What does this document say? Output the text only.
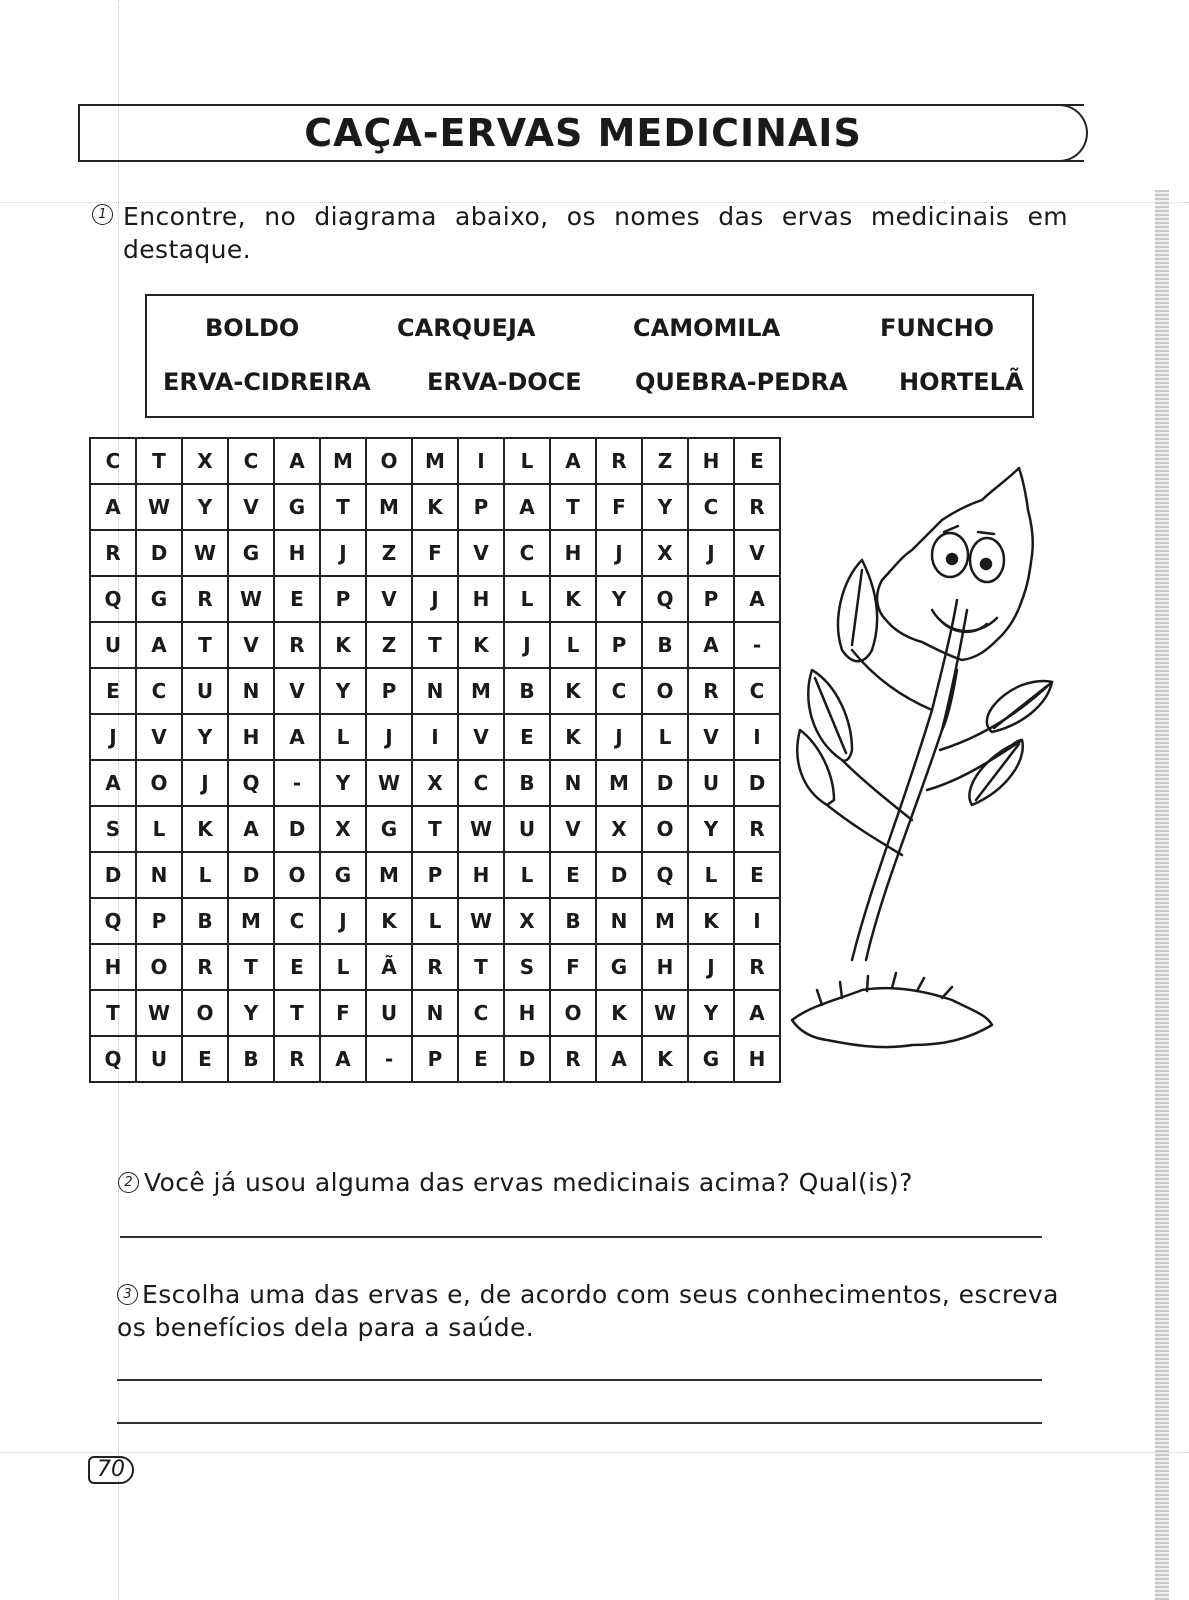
CAÇA-ERVAS MEDICINAIS
1 Encontre, no diagrama abaixo, os nomes das ervas medicinais em destaque.
BOLDO	CARQUEJA	CAMOMILA	FUNCHO
ERVA-CIDREIRA ERVA-DOCE QUEBRA-PEDRA HORTELÃ
C	T	X	C	A	M	O	M	I	L	A	R	Z	H	E
A	W	Y	V	G	T	M	K	P	A	T	F	Y	C	R
R	D	W	G	H	J	Z	F	V	C	H	J	X	J	V
Q	G	R	W	E	P	V	J	H	L	K	Y	Q	P	A
U	A	T	V	R	K	Z	T	K	J	L	P	B	A	-
E	C	U	N	V	Y	P	N	M	B	K	C	O	R	C
J	V	Y	H	A	L	J	I	V	E	K	J	L	V	I
A	O	J	Q	-	Y	W	X	C	B	N	M	D	U	D
S	L	K	A	D	X	G	T	W	U	V	X	O	Y	R
D	N	L	D	O	G	M	P	H	L	E	D	Q	L	E
Q	P	B	M	C	J	K	L	W	X	B	N	M	K	I
H	O	R	T	E	L	Ã	R	T	S	F	G	H	J	R
T	W	O	Y	T	F	U	N	C	H	O	K	W	Y	A
Q	U	E	B	R	A	-	P	E	D	R	A	K	G	H
2 Você já usou alguma das ervas medicinais acima? Qual(is)?
3 Escolha uma das ervas e, de acordo com seus conhecimentos, escreva os benefícios dela para a saúde.
70
